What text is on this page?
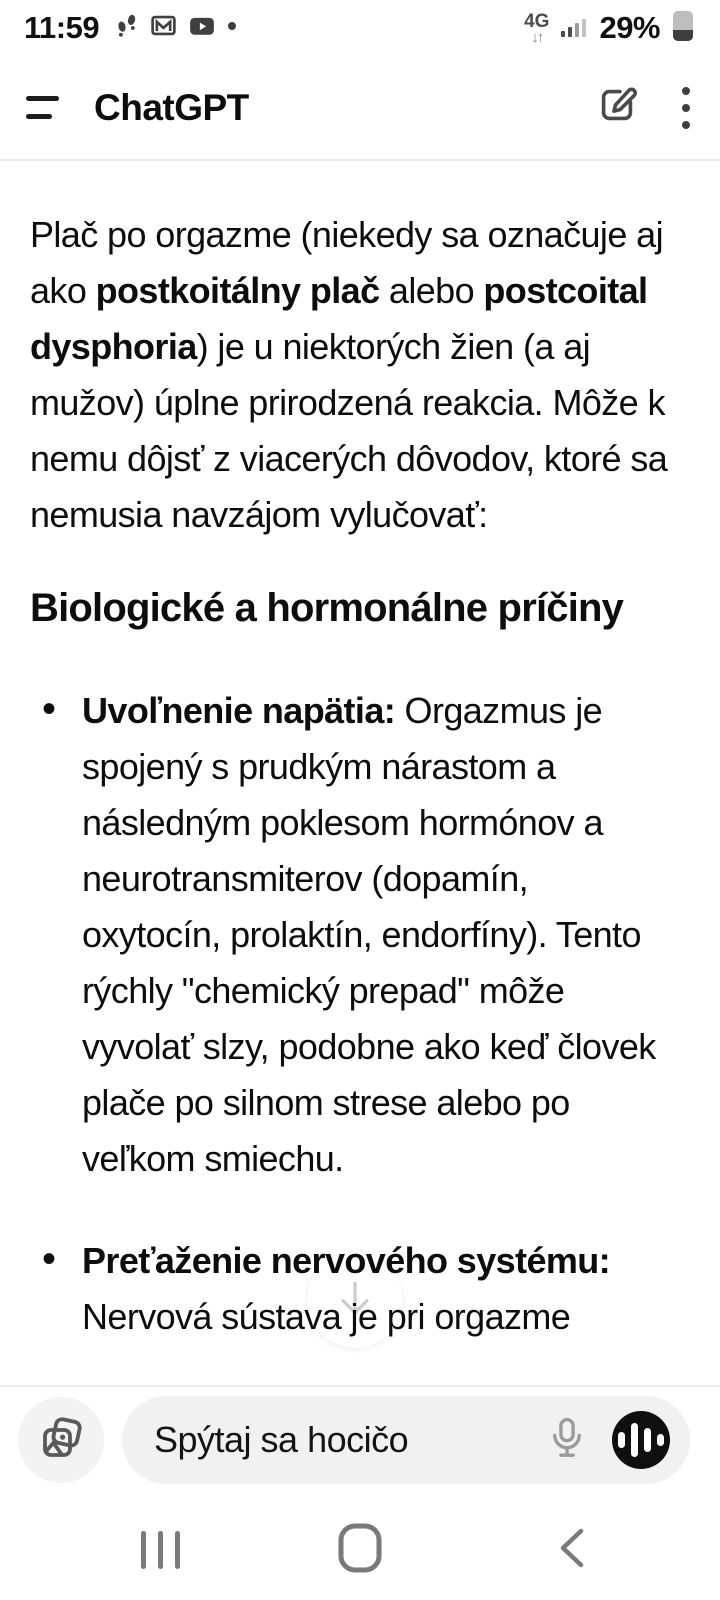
11:59	4G
↓↑ 29%
ChatGPT

Plač po orgazme (niekedy sa označuje aj ako postkoitálny plač alebo postcoital dysphoria) je u niektorých žien (a aj mužov) úplne prirodzená reakcia. Môže k nemu dôjsť z viacerých dôvodov, ktoré sa nemusia navzájom vylučovať:

Biologické a hormonálne príčiny
• Uvoľnenie napätia: Orgazmus je spojený s prudkým nárastom a následným poklesom hormónov a neurotransmiterov (dopamín, oxytocín, prolaktín, endorfíny). Tento rýchly "chemický prepad" môže vyvolať slzy, podobne ako keď človek plače po silnom strese alebo po veľkom smiechu.
• Preťaženie nervového systému: Nervová sústava je pri orgazme
Spýtaj sa hocičo
